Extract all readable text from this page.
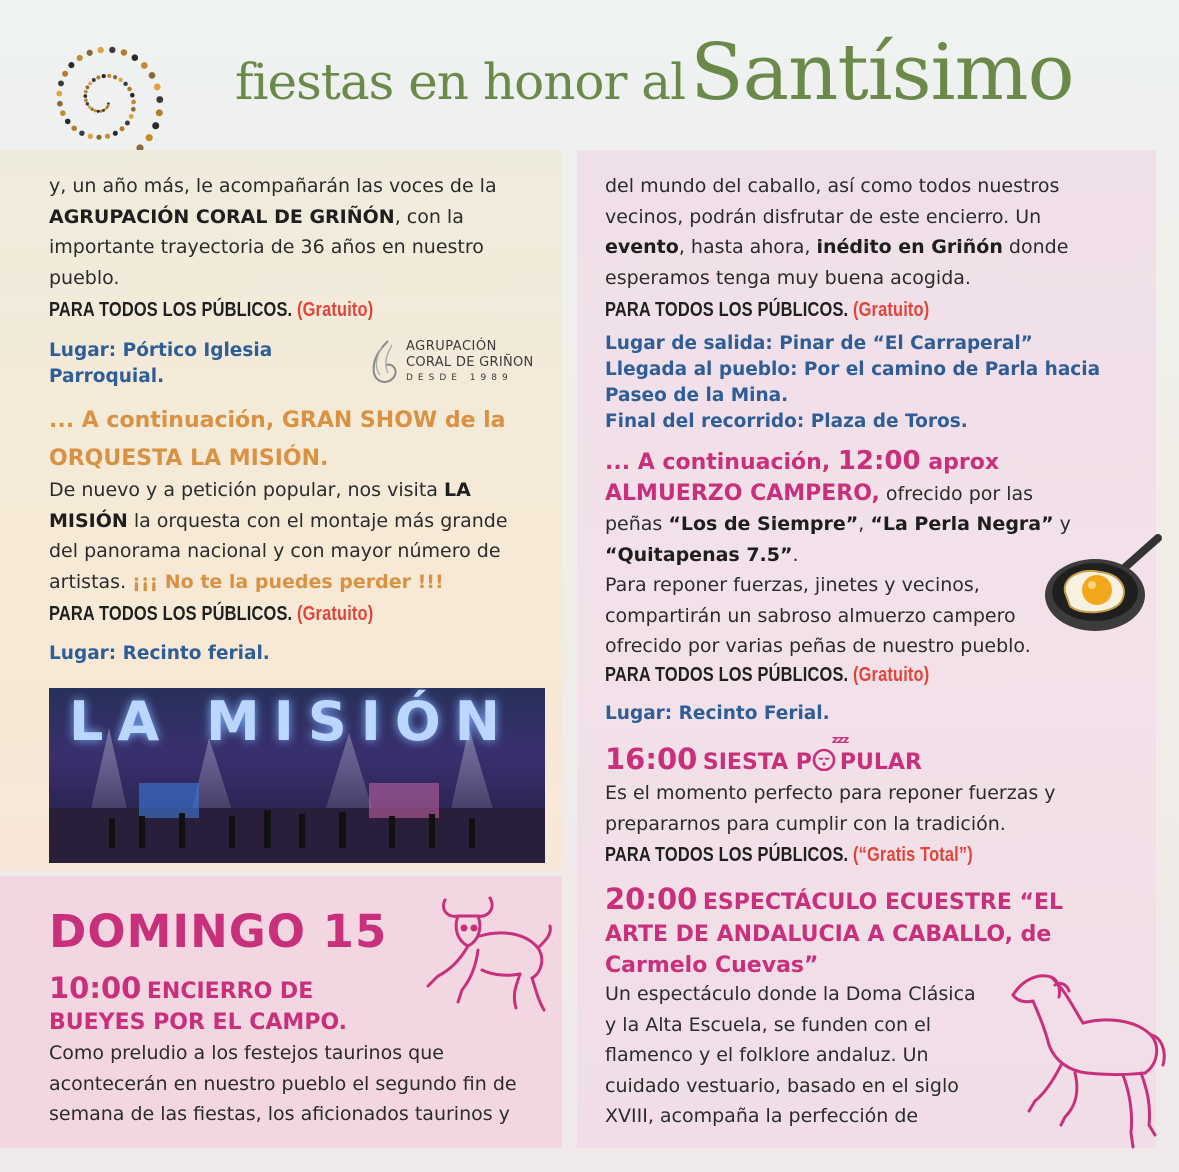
fiestas en honor al Santísimo
y, un año más, le acompañarán las voces de la
AGRUPACIÓN CORAL DE GRIÑÓN, con la
importante trayectoria de 36 años en nuestro
pueblo.
PARA TODOS LOS PÚBLICOS. (Gratuito)
Lugar: Pórtico Iglesia
Parroquial.
AGRUPACIÓN
CORAL DE GRIÑON
DESDE 1989
... A continuación, GRAN SHOW de la
ORQUESTA LA MISIÓN.
De nuevo y a petición popular, nos visita LA
MISIÓN la orquesta con el montaje más grande
del panorama nacional y con mayor número de
artistas. ¡¡¡ No te la puedes perder !!!
PARA TODOS LOS PÚBLICOS. (Gratuito)
Lugar: Recinto ferial.
LA MISIÓN
DOMINGO 15
10:00 ENCIERRO DE
BUEYES POR EL CAMPO.
Como preludio a los festejos taurinos que
acontecerán en nuestro pueblo el segundo fin de
semana de las fiestas, los aficionados taurinos y
del mundo del caballo, así como todos nuestros
vecinos, podrán disfrutar de este encierro. Un
evento, hasta ahora, inédito en Griñón donde
esperamos tenga muy buena acogida.
PARA TODOS LOS PÚBLICOS. (Gratuito)
Lugar de salida: Pinar de “El Carraperal”
Llegada al pueblo: Por el camino de Parla hacia
Paseo de la Mina.
Final del recorrido: Plaza de Toros.
... A continuación, 12:00 aprox
ALMUERZO CAMPERO, ofrecido por las
peñas “Los de Siempre”, “La Perla Negra” y
“Quitapenas 7.5”.
Para reponer fuerzas, jinetes y vecinos,
compartirán un sabroso almuerzo campero
ofrecido por varias peñas de nuestro pueblo.
PARA TODOS LOS PÚBLICOS. (Gratuito)
Lugar: Recinto Ferial.
16:00 SIESTA P
zzz
PULAR
Es el momento perfecto para reponer fuerzas y
prepararnos para cumplir con la tradición.
PARA TODOS LOS PÚBLICOS. (“Gratis Total”)
20:00 ESPECTÁCULO ECUESTRE “EL
ARTE DE ANDALUCIA A CABALLO, de
Carmelo Cuevas”
Un espectáculo donde la Doma Clásica
y la Alta Escuela, se funden con el
flamenco y el folklore andaluz. Un
cuidado vestuario, basado en el siglo
XVIII, acompaña la perfección de
